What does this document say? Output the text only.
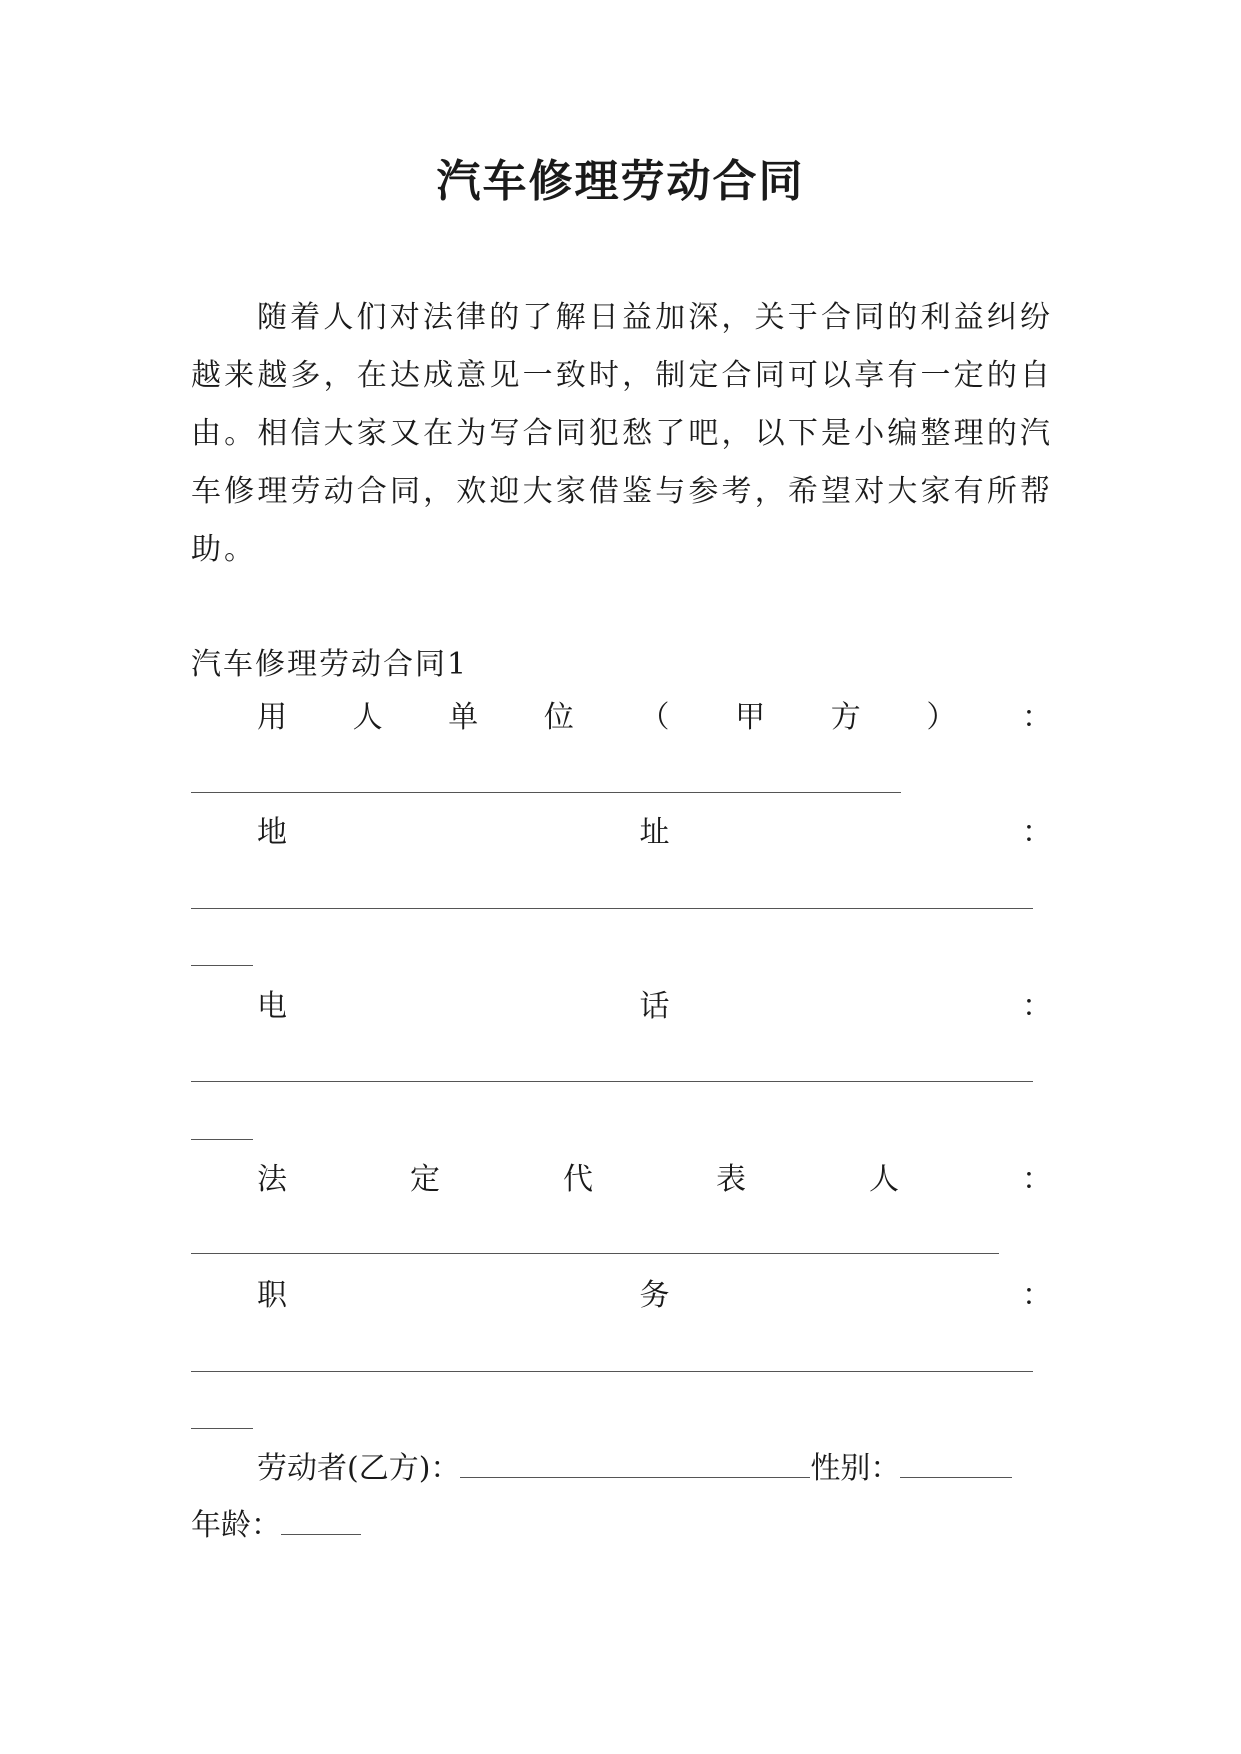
汽车修理劳动合同

随着人们对法律的了解日益加深，关于合同的利益纠纷越来越多，在达成意见一致时，制定合同可以享有一定的自由。相信大家又在为写合同犯愁了吧，以下是小编整理的汽车修理劳动合同，欢迎大家借鉴与参考，希望对大家有所帮助。

汽车修理劳动合同1
用 人 单 位 （ 甲 方 ） ：
地	址	：
电	话	：
法	定	代	表	人	：
职	务	：
劳动者(乙方)：	性别：
年龄：
